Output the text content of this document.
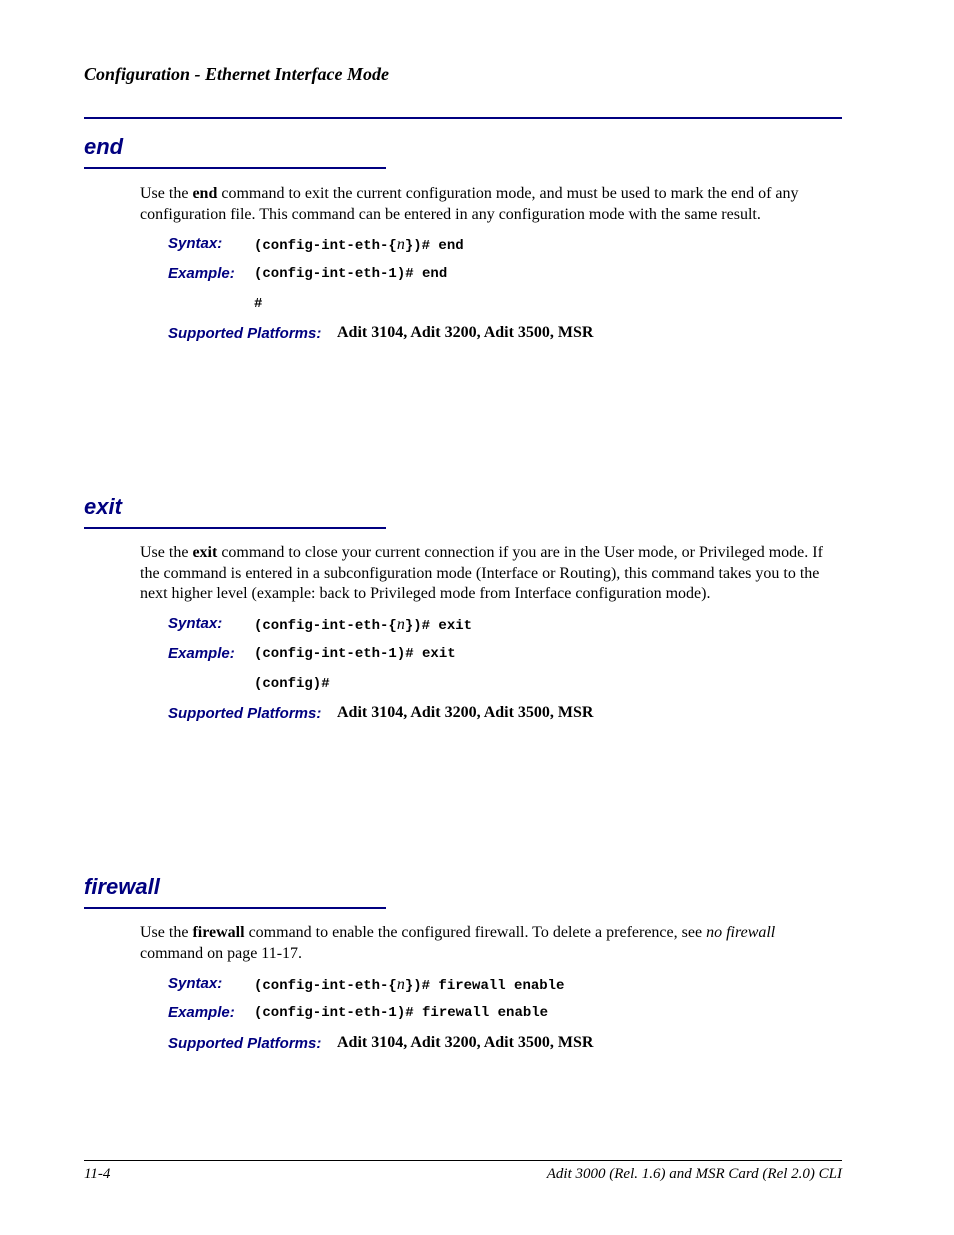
Configuration - Ethernet Interface Mode
end
Use the end command to exit the current configuration mode, and must be used to mark the end of any configuration file. This command can be entered in any configuration mode with the same result.
Syntax: (config-int-eth-{n})# end
Example: (config-int-eth-1)# end
#
Supported Platforms: Adit 3104, Adit 3200, Adit 3500, MSR
exit
Use the exit command to close your current connection if you are in the User mode, or Privileged mode. If the command is entered in a subconfiguration mode (Interface or Routing), this command takes you to the next higher level (example: back to Privileged mode from Interface configuration mode).
Syntax: (config-int-eth-{n})# exit
Example: (config-int-eth-1)# exit
(config)#
Supported Platforms: Adit 3104, Adit 3200, Adit 3500, MSR
firewall
Use the firewall command to enable the configured firewall. To delete a preference, see no firewall command on page 11-17.
Syntax: (config-int-eth-{n})# firewall enable
Example: (config-int-eth-1)# firewall enable
Supported Platforms: Adit 3104, Adit 3200, Adit 3500, MSR
11-4	Adit 3000 (Rel. 1.6) and MSR Card (Rel 2.0) CLI
